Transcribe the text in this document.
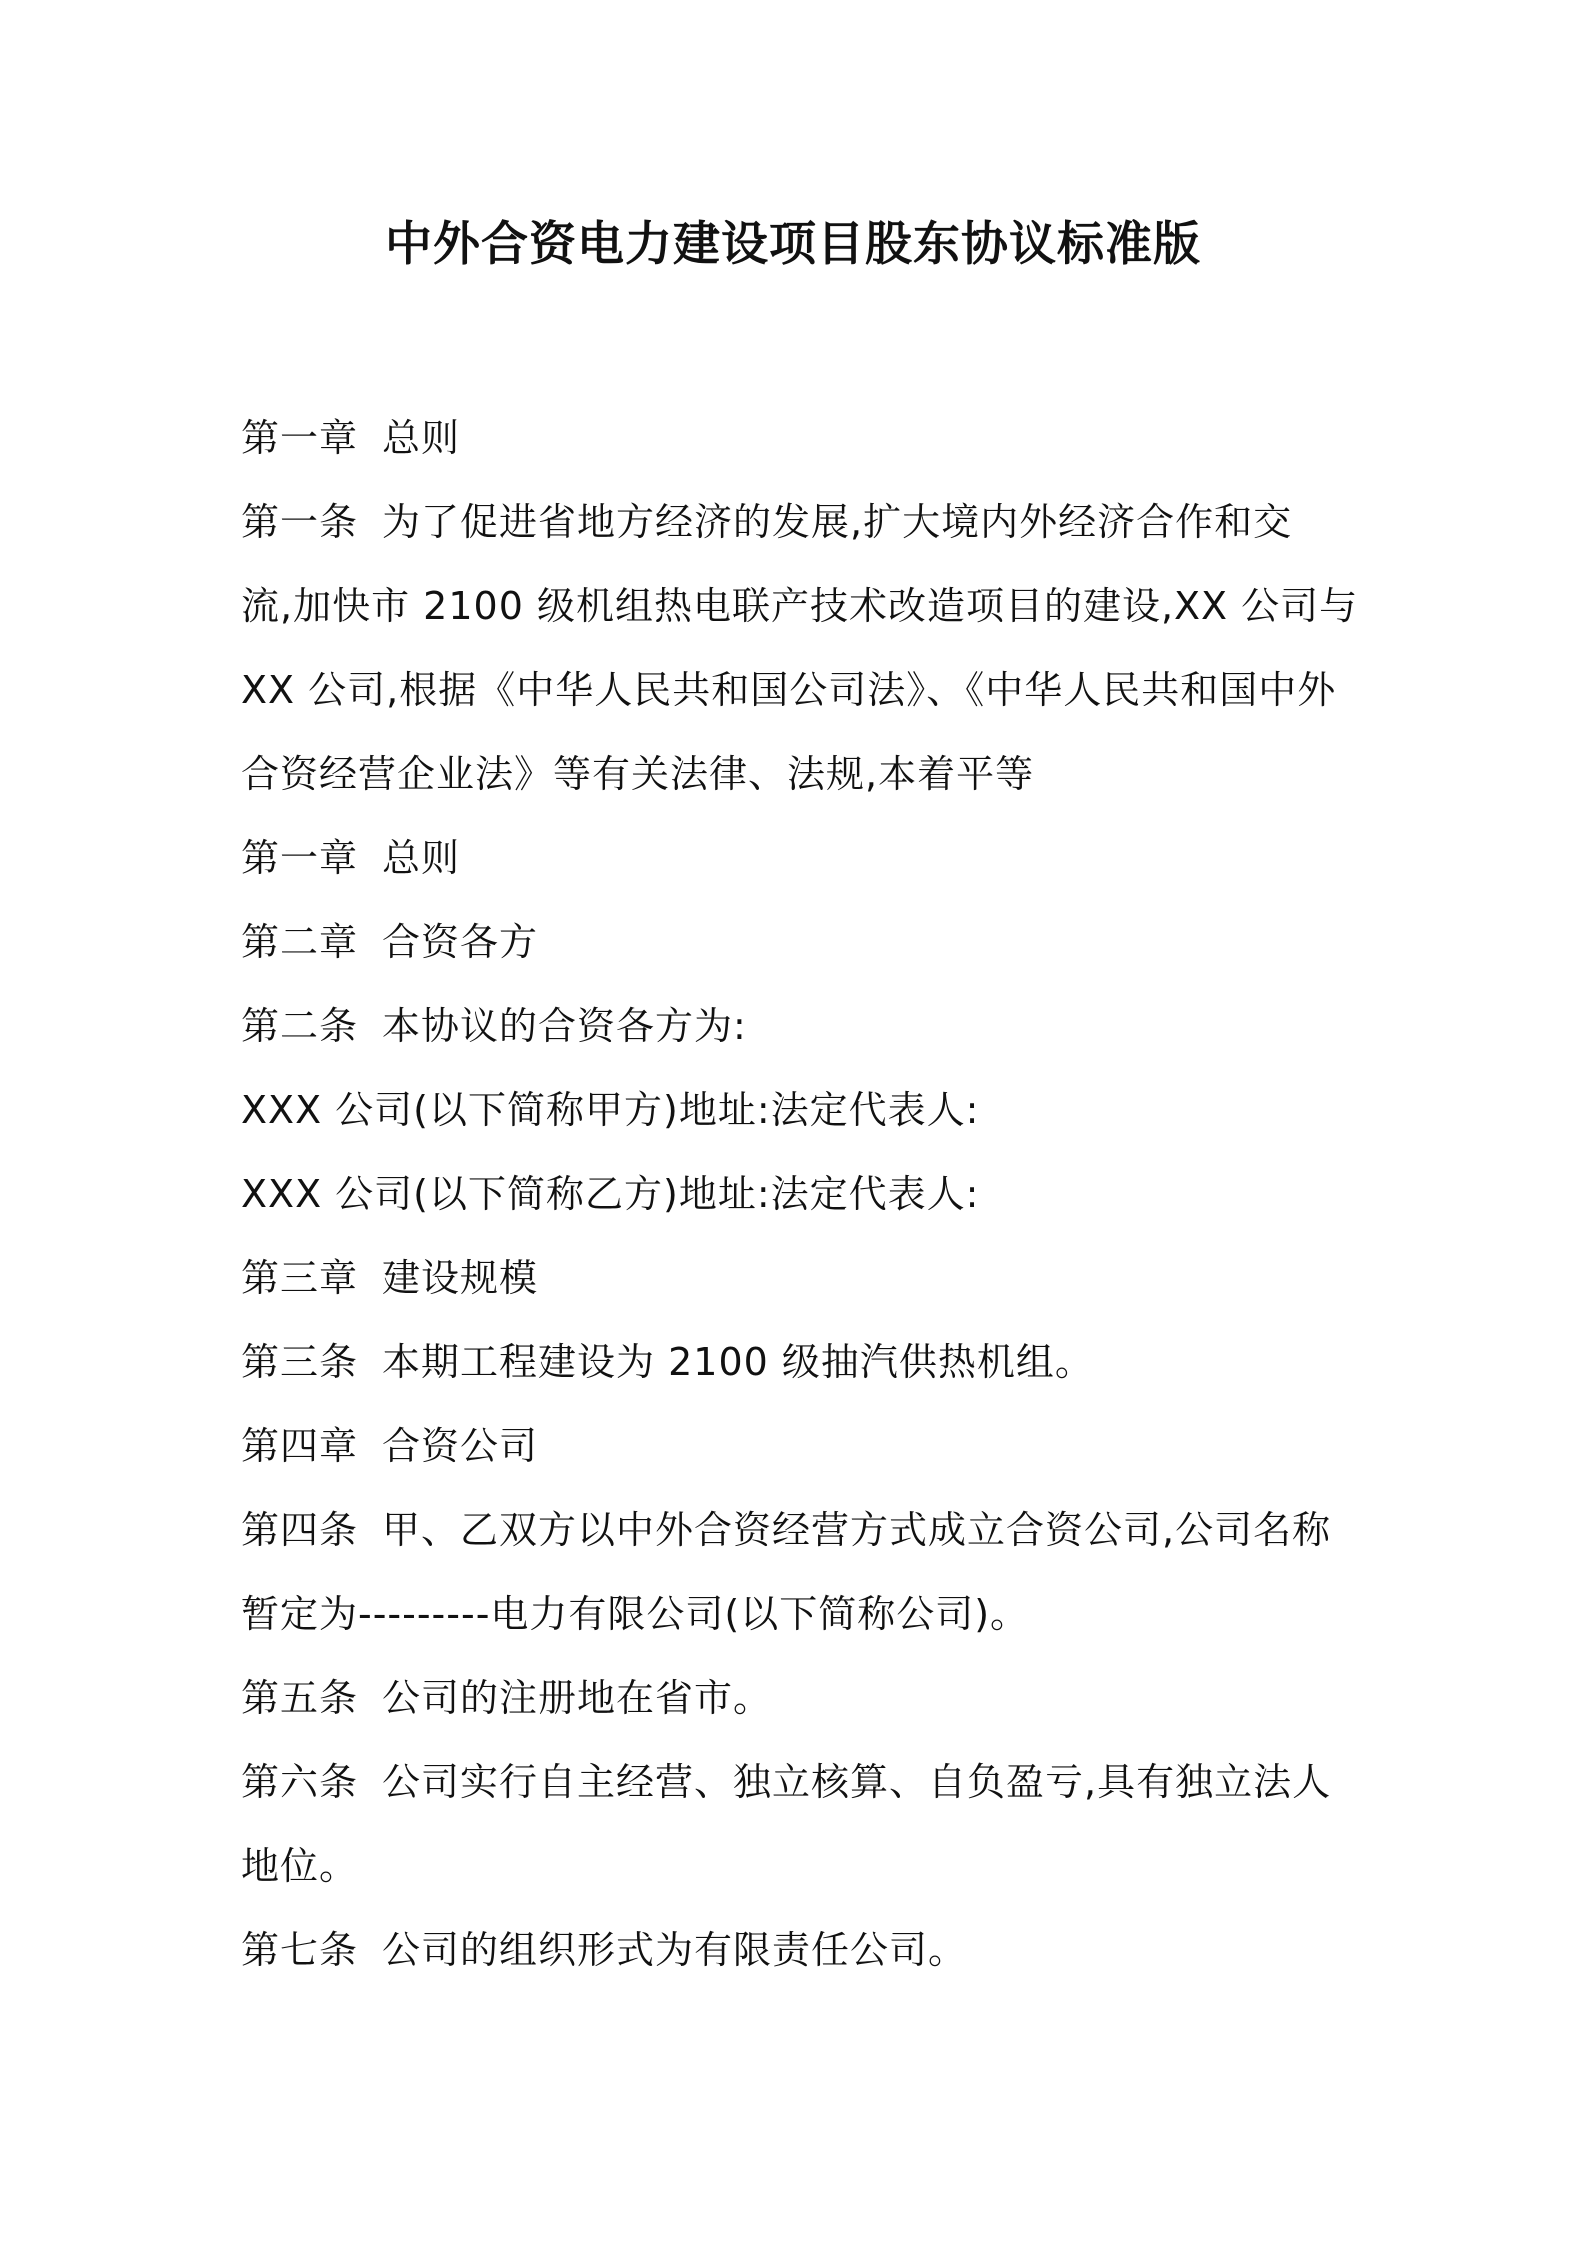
中外合资电力建设项目股东协议标准版
第一章 总则
第一条 为了促进省地方经济的发展,扩大境内外经济合作和交
流,加快市 2100 级机组热电联产技术改造项目的建设,XX 公司与
XX 公司,根据《中华人民共和国公司法》、《中华人民共和国中外
合资经营企业法》等有关法律、法规,本着平等
第一章 总则
第二章 合资各方
第二条 本协议的合资各方为:
XXX 公司(以下简称甲方)地址:法定代表人:
XXX 公司(以下简称乙方)地址:法定代表人:
第三章 建设规模
第三条 本期工程建设为 2100 级抽汽供热机组。
第四章 合资公司
第四条 甲、乙双方以中外合资经营方式成立合资公司,公司名称
暂定为---------电力有限公司(以下简称公司)。
第五条 公司的注册地在省市。
第六条 公司实行自主经营、独立核算、自负盈亏,具有独立法人
地位。
第七条 公司的组织形式为有限责任公司。
